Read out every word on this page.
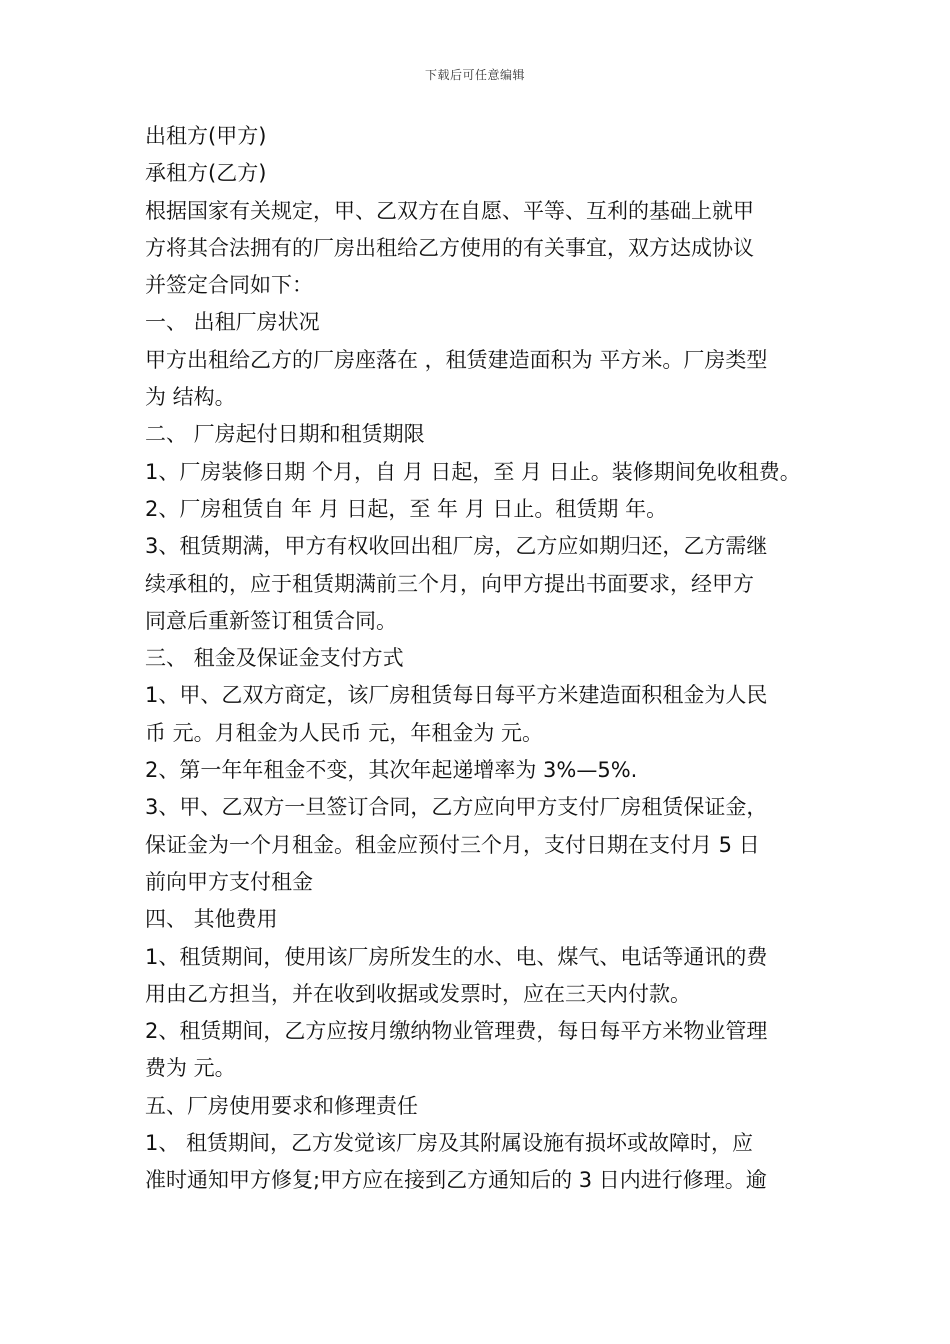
下载后可任意编辑
出租方(甲方)
承租方(乙方)
根据国家有关规定，甲、乙双方在自愿、平等、互利的基础上就甲
方将其合法拥有的厂房出租给乙方使用的有关事宜，双方达成协议
并签定合同如下：
一、 出租厂房状况
甲方出租给乙方的厂房座落在 ，租赁建造面积为 平方米。厂房类型
为 结构。
二、 厂房起付日期和租赁期限
1、厂房装修日期 个月，自 月 日起，至 月 日止。装修期间免收租费。
2、厂房租赁自 年 月 日起，至 年 月 日止。租赁期 年。
3、租赁期满，甲方有权收回出租厂房，乙方应如期归还，乙方需继
续承租的，应于租赁期满前三个月，向甲方提出书面要求，经甲方
同意后重新签订租赁合同。
三、 租金及保证金支付方式
1、甲、乙双方商定，该厂房租赁每日每平方米建造面积租金为人民
币 元。月租金为人民币 元，年租金为 元。
2、第一年年租金不变，其次年起递增率为 3%—5%.
3、甲、乙双方一旦签订合同，乙方应向甲方支付厂房租赁保证金，
保证金为一个月租金。租金应预付三个月，支付日期在支付月 5 日
前向甲方支付租金
四、 其他费用
1、租赁期间，使用该厂房所发生的水、电、煤气、电话等通讯的费
用由乙方担当，并在收到收据或发票时，应在三天内付款。
2、租赁期间，乙方应按月缴纳物业管理费，每日每平方米物业管理
费为 元。
五、厂房使用要求和修理责任
1、 租赁期间，乙方发觉该厂房及其附属设施有损坏或故障时，应
准时通知甲方修复;甲方应在接到乙方通知后的 3 日内进行修理。逾
